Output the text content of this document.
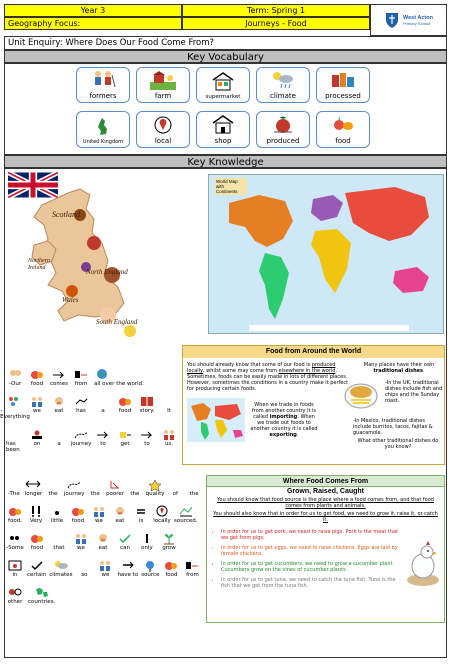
Year 3	Term: Spring 1
Geography Focus:	Journeys - Food
West Acton
Primary School
Unit Enquiry: Where Does Our Food Come From?
Key Vocabulary
formers	farm	supermarket	climate	processed
United Kingdom	local	shop	produced	food
Key Knowledge
Scotland
Northern Ireland	North England
Wales
South England
World Map with Continents
Food from Around the World
You should already know that some of our food is produced locally, whilst some may come from elsewhere in the world. Sometimes, foods can be easily made in lots of different places. However, sometimes the conditions in a country make it perfect for producing certain foods.
When we trade in foods from another country it is called importing. When we trade out foods to another country it is called exporting.
Many places have their own traditional dishes.
-In the UK, traditional dishes include fish and chips and the Sunday roast.
-In Mexico, traditional dishes include burritos, tacos, fajitas & guacamole.
What other traditional dishes do you know?
-Our food comes from all over the world.
-Everything
we eat has	a	food story. It
has been
on	a journey to	get	to	us.
-The longer the journey the poorer the quality of the
food. Very little food we eat	is locally sourced.
-Some food that we eat can only grow
in certain climates so	we have to source food from
other countries.
Where Food Comes From
Grown, Raised, Caught
You should know that food source is the place where a food comes from, and that food comes from plants and animals.
You should also know that in order for us to get food, we need to grow it, raise it, or catch it.
• In order for us to get pork, we need to raise pigs. Pork is the meat that we get from pigs.
• In order for us to get eggs, we need to raise chickens. Eggs are laid by female chickens.
• In order for us to get cucumbers, we need to grow a cucumber plant. Cucumbers grow on the vines of cucumber plants.
• In order for us to get tuna, we need to catch the tuna fish. Tuna is the fish that we get from the tuna fish.
